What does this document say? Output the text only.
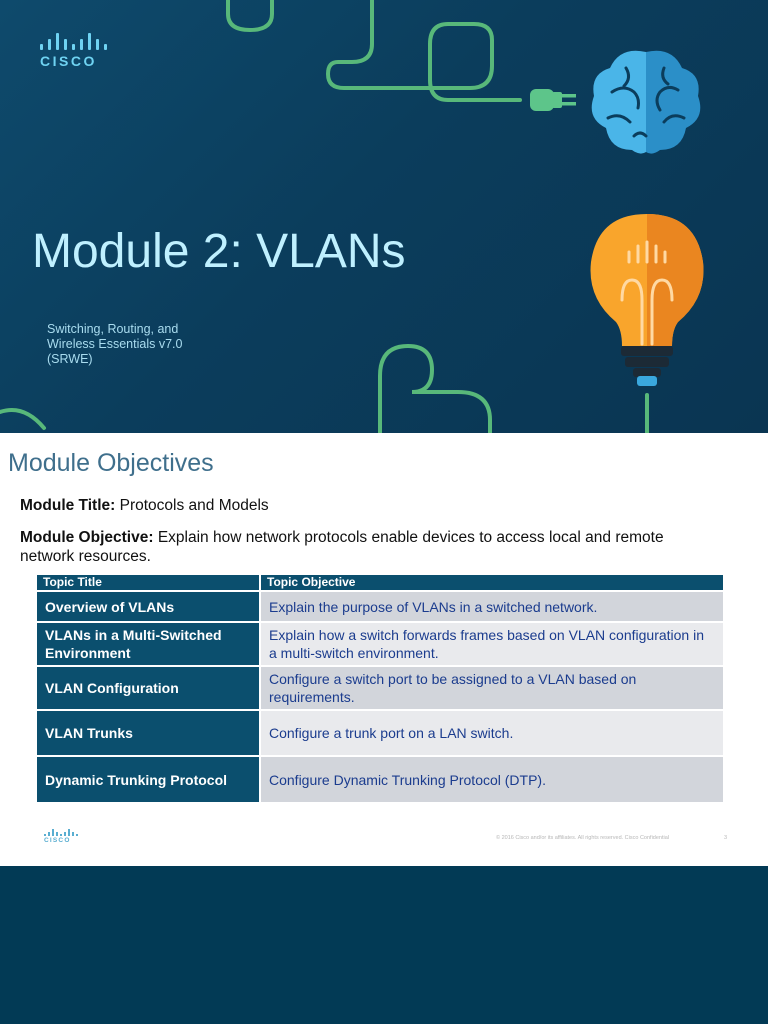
CISCO
Module 2: VLANs

Switching, Routing, and
Wireless Essentials v7.0
(SRWE)

Module Objectives

Module Title: Protocols and Models

Module Objective: Explain how network protocols enable devices to access local and remote network resources.

Topic Title	Topic Objective
Overview of VLANs	Explain the purpose of VLANs in a switched network.
VLANs in a Multi-Switched Environment	Explain how a switch forwards frames based on VLAN configuration in a multi-switch environment.
VLAN Configuration	Configure a switch port to be assigned to a VLAN based on requirements.
VLAN Trunks	Configure a trunk port on a LAN switch.
Dynamic Trunking Protocol	Configure Dynamic Trunking Protocol (DTP).
CISCO	© 2016 Cisco and/or its affiliates. All rights reserved. Cisco Confidential	3
